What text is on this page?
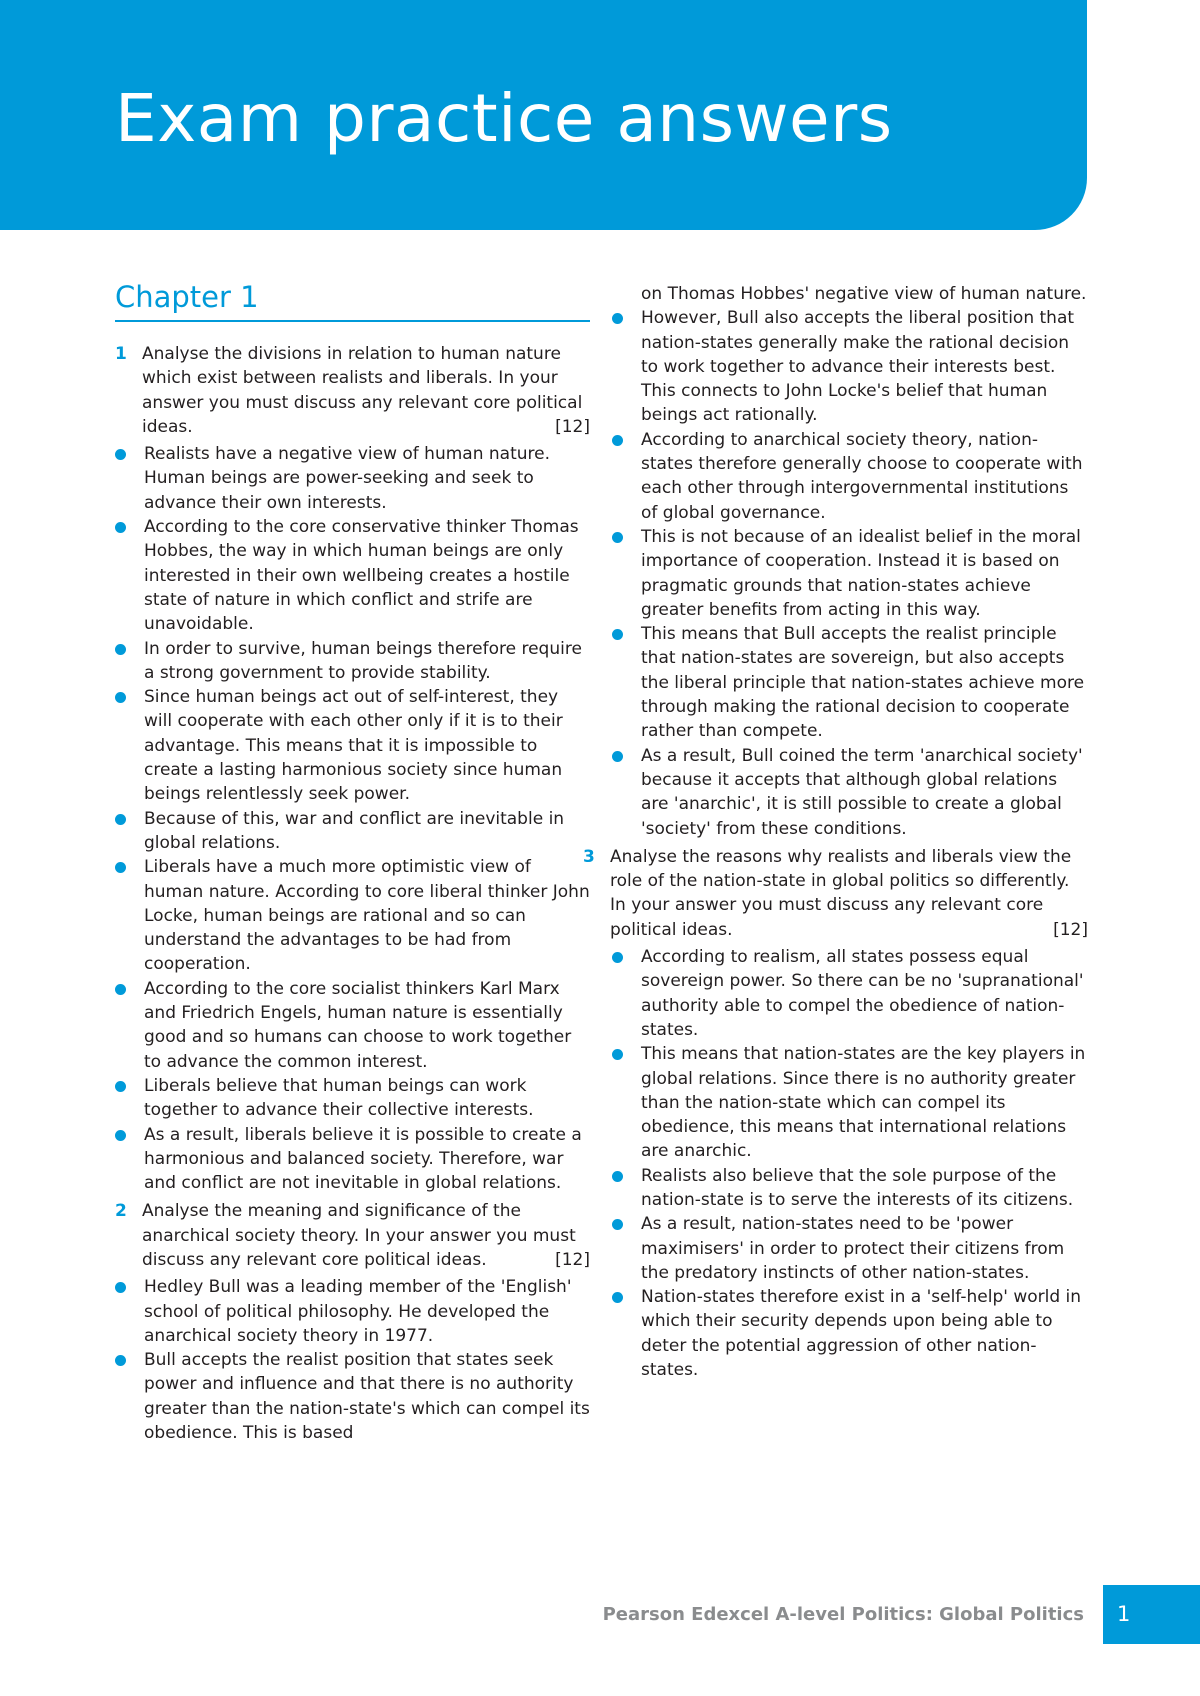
Exam practice answers
Chapter 1
1 Analyse the divisions in relation to human nature which exist between realists and liberals. In your answer you must discuss any relevant core political ideas.	[12]

Realists have a negative view of human nature. Human beings are power-seeking and seek to advance their own interests.
According to the core conservative thinker Thomas Hobbes, the way in which human beings are only interested in their own wellbeing creates a hostile state of nature in which conflict and strife are unavoidable.
In order to survive, human beings therefore require a strong government to provide stability.
Since human beings act out of self-interest, they will cooperate with each other only if it is to their advantage. This means that it is impossible to create a lasting harmonious society since human beings relentlessly seek power.
Because of this, war and conflict are inevitable in global relations.
Liberals have a much more optimistic view of human nature. According to core liberal thinker John Locke, human beings are rational and so can understand the advantages to be had from cooperation.
According to the core socialist thinkers Karl Marx and Friedrich Engels, human nature is essentially good and so humans can choose to work together to advance the common interest.
Liberals believe that human beings can work together to advance their collective interests.
As a result, liberals believe it is possible to create a harmonious and balanced society. Therefore, war and conflict are not inevitable in global relations.
2 Analyse the meaning and significance of the anarchical society theory. In your answer you must discuss any relevant core political ideas.	[12]

Hedley Bull was a leading member of the 'English' school of political philosophy. He developed the anarchical society theory in 1977.
Bull accepts the realist position that states seek power and influence and that there is no authority greater than the nation-state's which can compel its obedience. This is based

on Thomas Hobbes' negative view of human nature.

However, Bull also accepts the liberal position that nation-states generally make the rational decision to work together to advance their interests best. This connects to John Locke's belief that human beings act rationally.
According to anarchical society theory, nation-states therefore generally choose to cooperate with each other through intergovernmental institutions of global governance.
This is not because of an idealist belief in the moral importance of cooperation. Instead it is based on pragmatic grounds that nation-states achieve greater benefits from acting in this way.
This means that Bull accepts the realist principle that nation-states are sovereign, but also accepts the liberal principle that nation-states achieve more through making the rational decision to cooperate rather than compete.
As a result, Bull coined the term 'anarchical society' because it accepts that although global relations are 'anarchic', it is still possible to create a global 'society' from these conditions.
3 Analyse the reasons why realists and liberals view the role of the nation-state in global politics so differently. In your answer you must discuss any relevant core political ideas.	[12]

According to realism, all states possess equal sovereign power. So there can be no 'supranational' authority able to compel the obedience of nation-states.
This means that nation-states are the key players in global relations. Since there is no authority greater than the nation-state which can compel its obedience, this means that international relations are anarchic.
Realists also believe that the sole purpose of the nation-state is to serve the interests of its citizens.
As a result, nation-states need to be 'power maximisers' in order to protect their citizens from the predatory instincts of other nation-states.
Nation-states therefore exist in a 'self-help' world in which their security depends upon being able to deter the potential aggression of other nation-states.
Pearson Edexcel A-level Politics: Global Politics 1
